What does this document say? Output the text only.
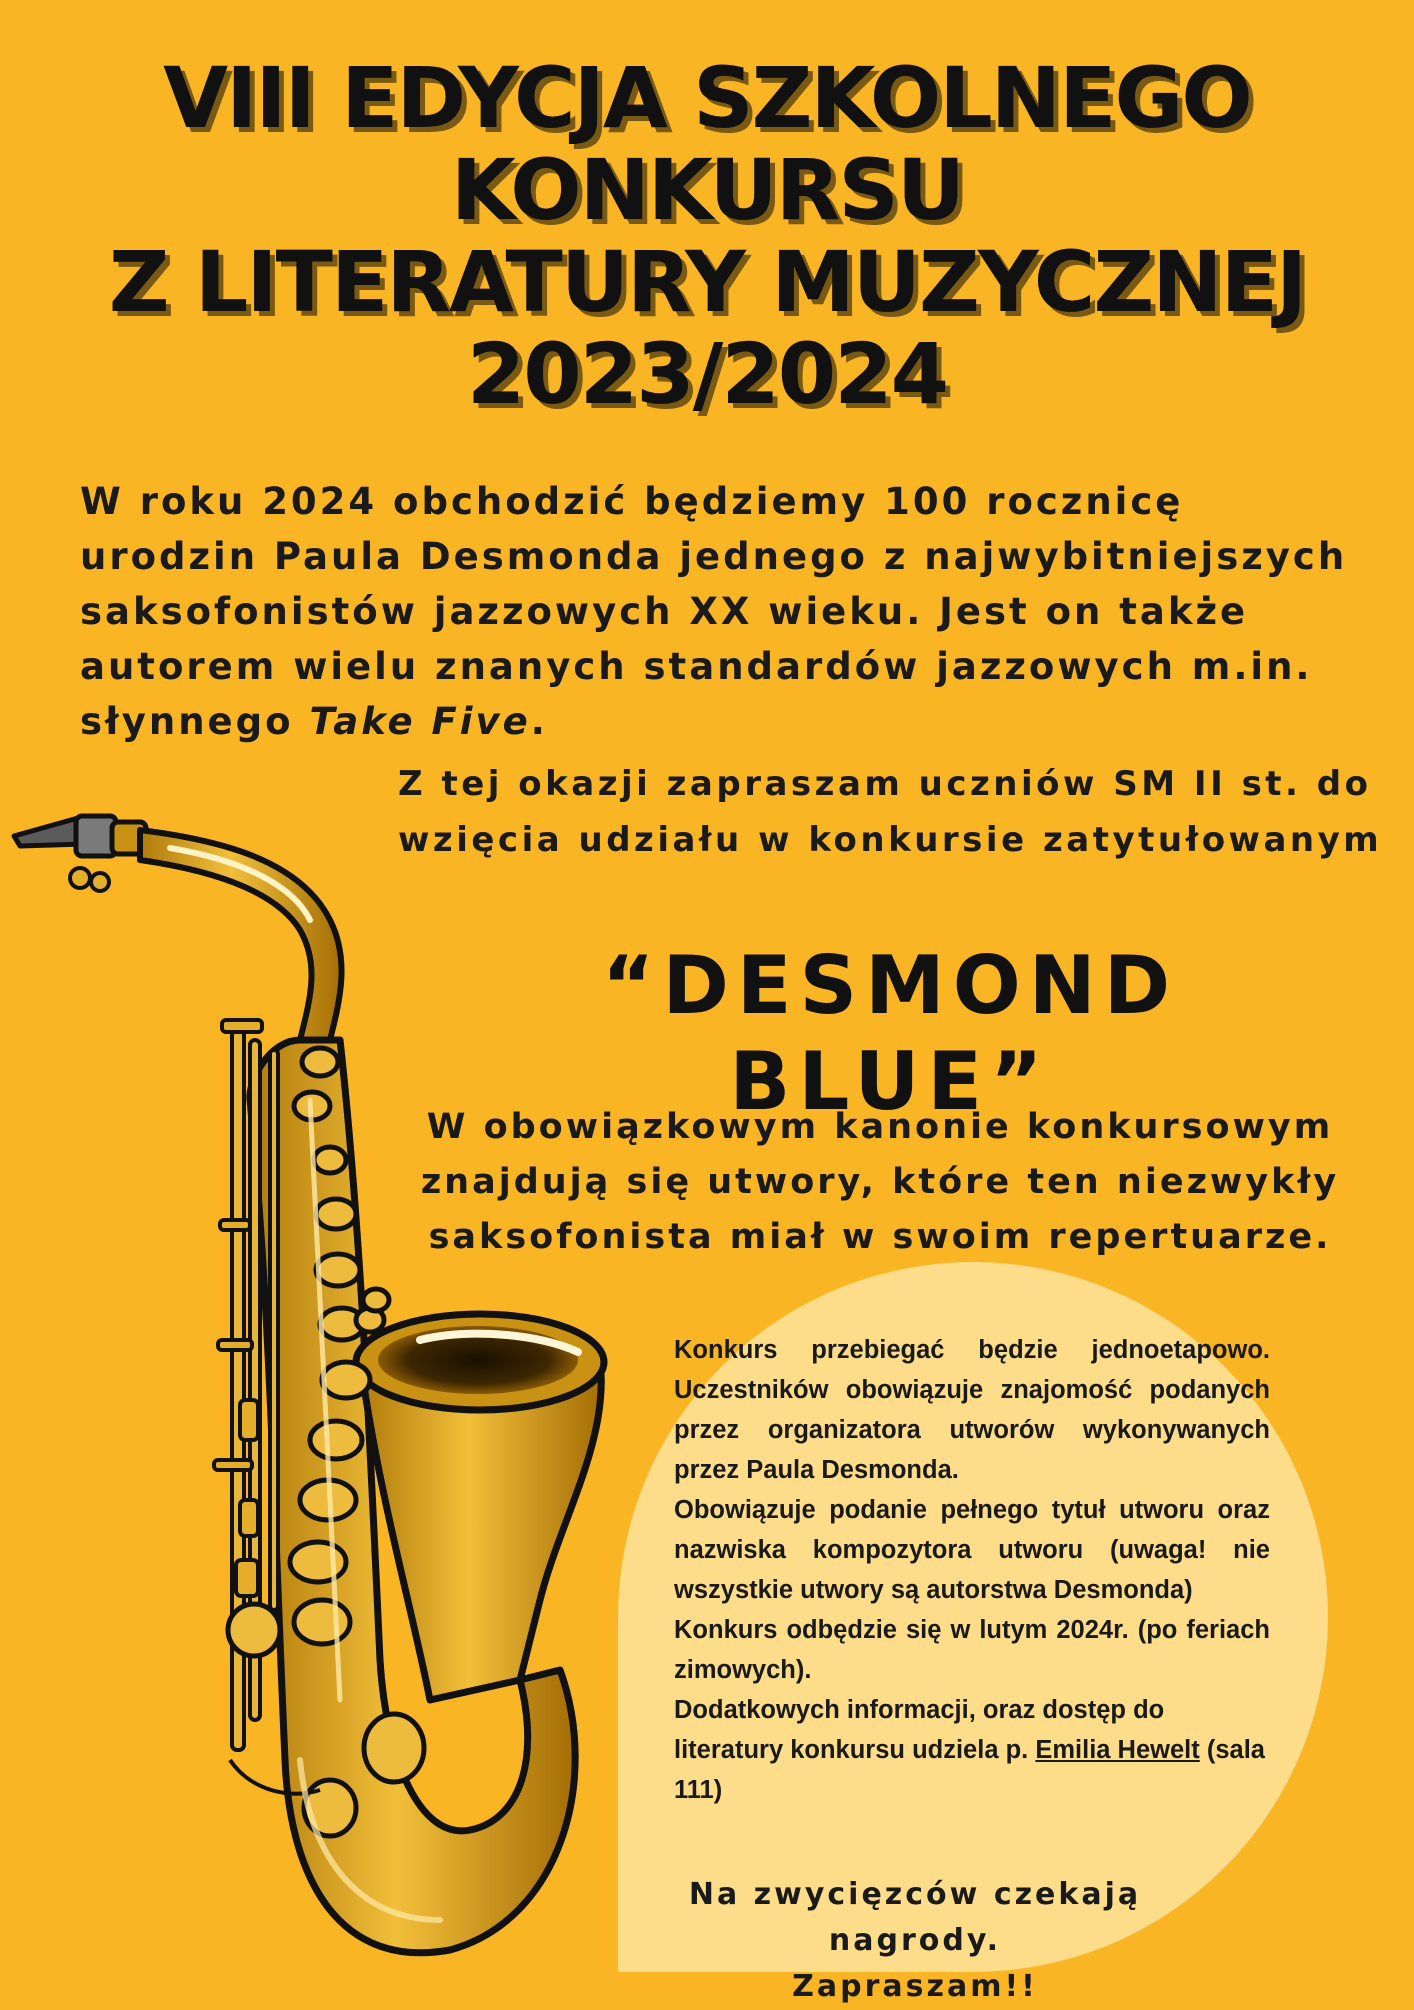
VIII EDYCJA SZKOLNEGO
KONKURSU
Z LITERATURY MUZYCZNEJ
2023/2024
W roku 2024 obchodzić będziemy 100 rocznicę urodzin Paula Desmonda jednego z najwybitniejszych saksofonistów jazzowych XX wieku. Jest on także autorem wielu znanych standardów jazzowych m.in. słynnego Take Five.
Z tej okazji zapraszam uczniów SM II st. do
wzięcia udziału w konkursie zatytułowanym
“DESMOND BLUE”
W obowiązkowym kanonie konkursowym
znajdują się utwory, które ten niezwykły
saksofonista miał w swoim repertuarze.

Konkurs przebiegać będzie jednoetapowo. Uczestników obowiązuje znajomość podanych przez organizatora utworów wykonywanych przez Paula Desmonda.

Obowiązuje podanie pełnego tytuł utworu oraz nazwiska kompozytora utworu (uwaga! nie wszystkie utwory są autorstwa Desmonda)

Konkurs odbędzie się w lutym 2024r. (po feriach zimowych).

Dodatkowych informacji, oraz dostęp do literatury konkursu udziela p. Emilia Hewelt (sala 111)

Na zwycięzców czekają nagrody.
Zapraszam!!
